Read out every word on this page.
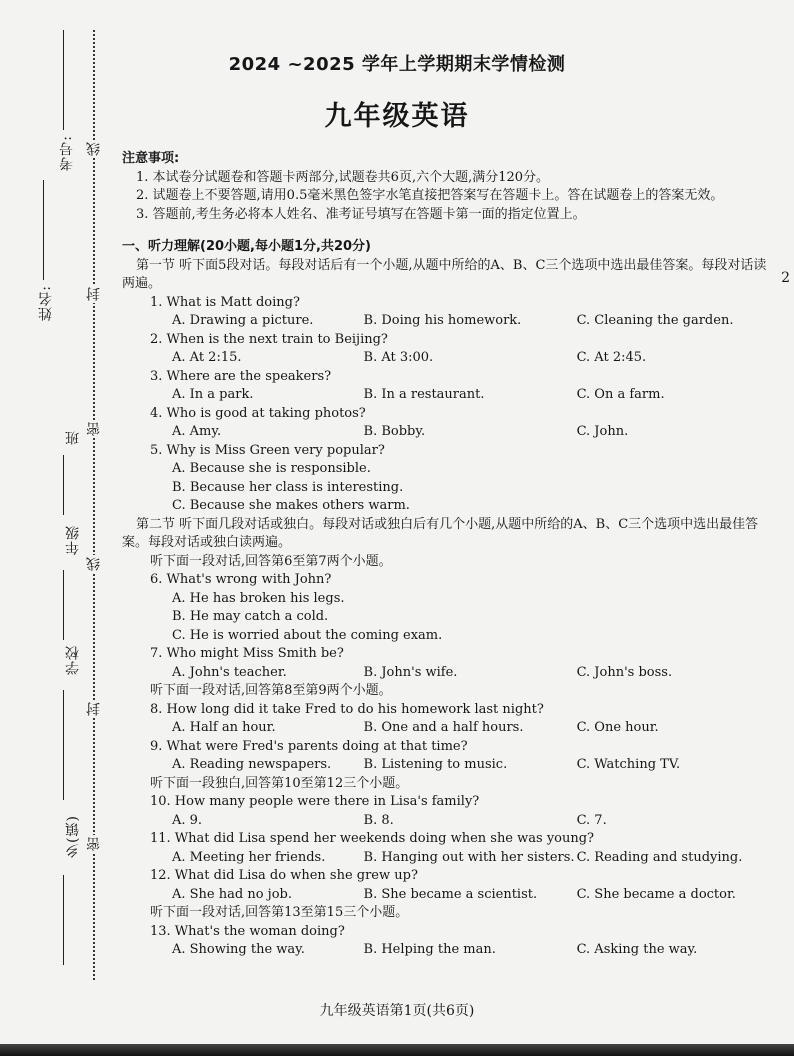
考号:
姓名:
班
年级
学校
乡(镇)
线
封
密
线
封
密
2024 ~2025 学年上学期期末学情检测
九年级英语
注意事项:
1. 本试卷分试题卷和答题卡两部分,试题卷共6页,六个大题,满分120分。
2. 试题卷上不要答题,请用0.5毫米黑色签字水笔直接把答案写在答题卡上。答在试题卷上的答案无效。
3. 答题前,考生务必将本人姓名、准考证号填写在答题卡第一面的指定位置上。
一、听力理解(20小题,每小题1分,共20分)
第一节 听下面5段对话。每段对话后有一个小题,从题中所给的A、B、C三个选项中选出最佳答案。每段对话读两遍。
1. What is Matt doing?
A. Drawing a picture.	B. Doing his homework.	C. Cleaning the garden.
2. When is the next train to Beijing?
A. At 2:15.	B. At 3:00.	C. At 2:45.
3. Where are the speakers?
A. In a park.	B. In a restaurant.	C. On a farm.
4. Who is good at taking photos?
A. Amy.	B. Bobby.	C. John.
5. Why is Miss Green very popular?
A. Because she is responsible.
B. Because her class is interesting.
C. Because she makes others warm.
第二节 听下面几段对话或独白。每段对话或独白后有几个小题,从题中所给的A、B、C三个选项中选出最佳答案。每段对话或独白读两遍。
听下面一段对话,回答第6至第7两个小题。
6. What's wrong with John?
A. He has broken his legs.
B. He may catch a cold.
C. He is worried about the coming exam.
7. Who might Miss Smith be?
A. John's teacher.	B. John's wife.	C. John's boss.
听下面一段对话,回答第8至第9两个小题。
8. How long did it take Fred to do his homework last night?
A. Half an hour.	B. One and a half hours.	C. One hour.
9. What were Fred's parents doing at that time?
A. Reading newspapers.	B. Listening to music.	C. Watching TV.
听下面一段独白,回答第10至第12三个小题。
10. How many people were there in Lisa's family?
A. 9.	B. 8.	C. 7.
11. What did Lisa spend her weekends doing when she was young?
A. Meeting her friends.	B. Hanging out with her sisters. C. Reading and studying.
12. What did Lisa do when she grew up?
A. She had no job.	B. She became a scientist.	C. She became a doctor.
听下面一段对话,回答第13至第15三个小题。
13. What's the woman doing?
A. Showing the way.	B. Helping the man.	C. Asking the way.
2
九年级英语第1页(共6页)
